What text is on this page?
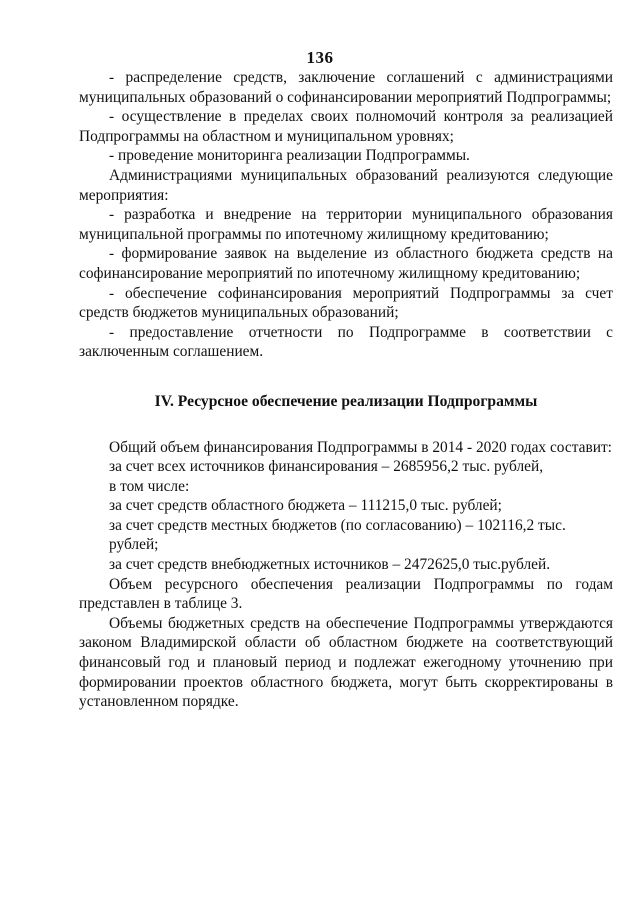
136

- распределение средств, заключение соглашений с администрациями муниципальных образований о софинансировании мероприятий Подпрограммы;

- осуществление в пределах своих полномочий контроля за реализацией Подпрограммы на областном и муниципальном уровнях;

- проведение мониторинга реализации Подпрограммы.

Администрациями муниципальных образований реализуются следующие мероприятия:

- разработка и внедрение на территории муниципального образования муниципальной программы по ипотечному жилищному кредитованию;

- формирование заявок на выделение из областного бюджета средств на софинансирование мероприятий по ипотечному жилищному кредитованию;

- обеспечение софинансирования мероприятий Подпрограммы за счет средств бюджетов муниципальных образований;

- предоставление отчетности по Подпрограмме в соответствии с заключенным соглашением.

IV. Ресурсное обеспечение реализации Подпрограммы
Общий объем финансирования Подпрограммы в 2014 - 2020 годах составит:
за счет всех источников финансирования – 2685956,2 тыс. рублей,
в том числе:
за счет средств областного бюджета – 111215,0 тыс. рублей;
за счет средств местных бюджетов (по согласованию) – 102116,2 тыс. рублей;
за счет средств внебюджетных источников – 2472625,0 тыс.рублей.

Объем ресурсного обеспечения реализации Подпрограммы по годам представлен в таблице 3.

Объемы бюджетных средств на обеспечение Подпрограммы утверждаются законом Владимирской области об областном бюджете на соответствующий финансовый год и плановый период и подлежат ежегодному уточнению при формировании проектов областного бюджета, могут быть скорректированы в установленном порядке.
